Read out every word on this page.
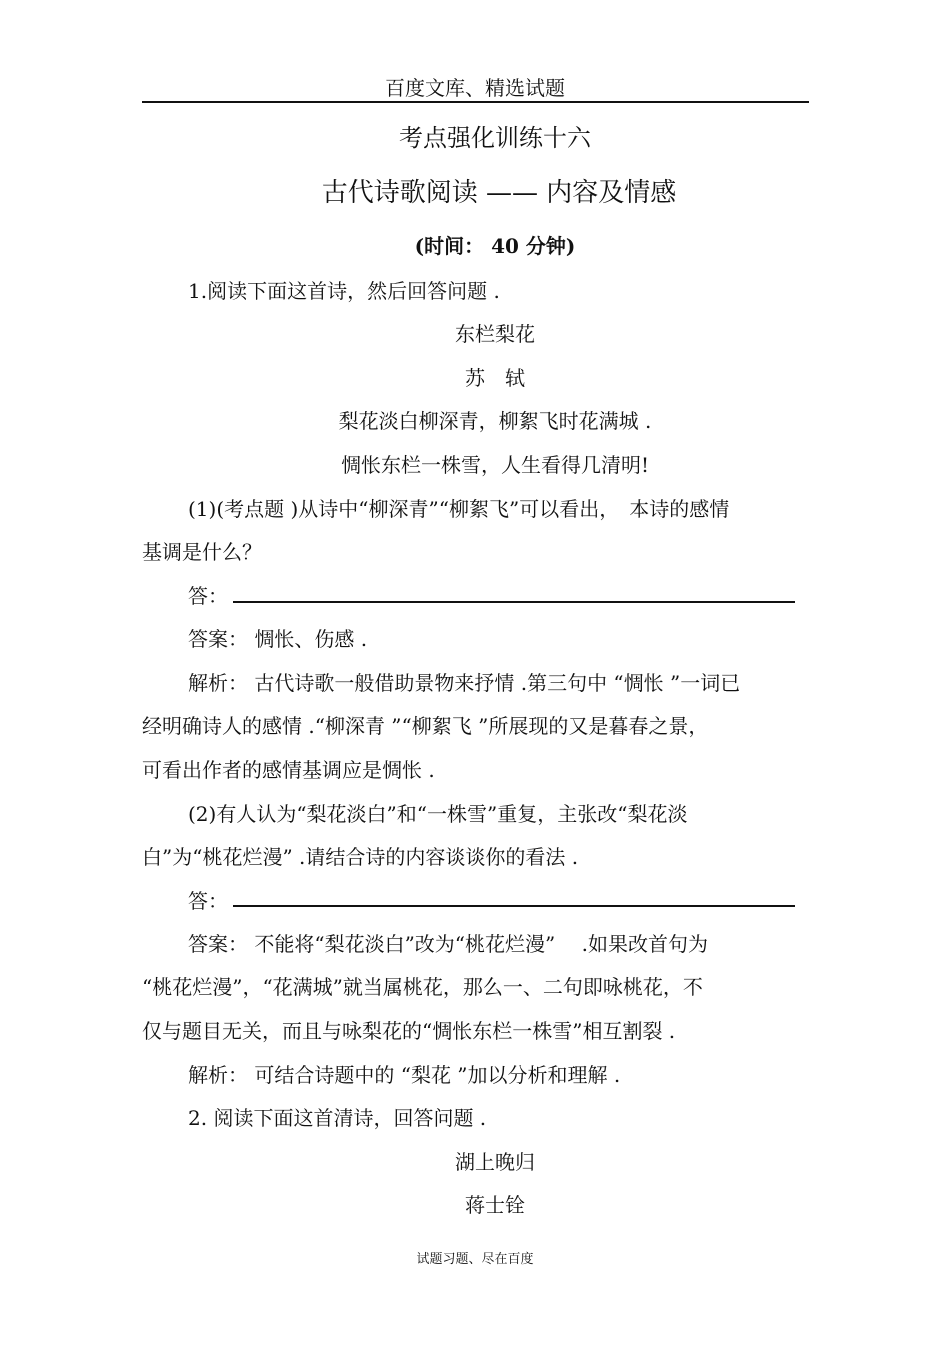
百度文库、精选试题
考点强化训练十六
古代诗歌阅读 —— 内容及情感
(时间： 40 分钟)
1.阅读下面这首诗，然后回答问题 .
东栏梨花
苏　轼
梨花淡白柳深青，柳絮飞时花满城 .
惆怅东栏一株雪，人生看得几清明!
(1)(考点题 )从诗中“柳深青”“柳絮飞”可以看出，　本诗的感情
基调是什么？
答：
答案： 惆怅、伤感 .
解析： 古代诗歌一般借助景物来抒情 .第三句中 “惆怅 ”一词已
经明确诗人的感情 .“柳深青 ”“柳絮飞 ”所展现的又是暮春之景，
可看出作者的感情基调应是惆怅 .
(2)有人认为“梨花淡白”和“一株雪”重复，主张改“梨花淡
白”为“桃花烂漫” .请结合诗的内容谈谈你的看法 .
答：
答案： 不能将“梨花淡白”改为“桃花烂漫”　 .如果改首句为
“桃花烂漫”，“花满城”就当属桃花，那么一、二句即咏桃花，不
仅与题目无关，而且与咏梨花的“惆怅东栏一株雪”相互割裂 .
解析： 可结合诗题中的 “梨花 ”加以分析和理解 .
2. 阅读下面这首清诗，回答问题 .
湖上晚归
蒋士铨
试题习题、尽在百度
